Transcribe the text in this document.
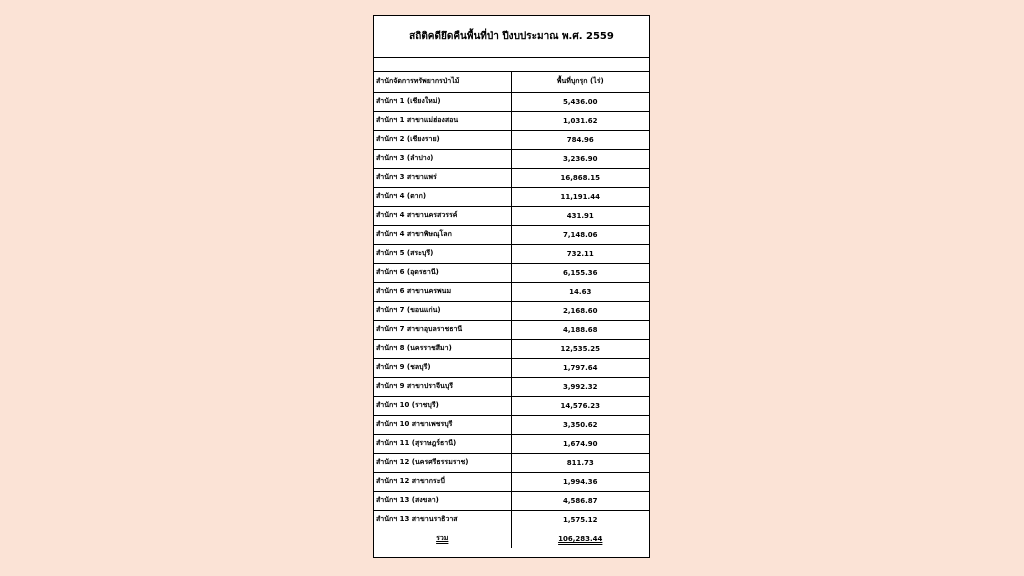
สถิติคดียึดคืนพื้นที่ป่า ปีงบประมาณ พ.ศ. 2559
สำนักจัดการทรัพยากรป่าไม้	พื้นที่บุกรุก (ไร่)
สำนักฯ 1 (เชียงใหม่)	5,436.00
สำนักฯ 1 สาขาแม่ฮ่องสอน	1,031.62
สำนักฯ 2 (เชียงราย)	784.96
สำนักฯ 3 (ลำปาง)	3,236.90
สำนักฯ 3 สาขาแพร่	16,868.15
สำนักฯ 4 (ตาก)	11,191.44
สำนักฯ 4 สาขานครสวรรค์	431.91
สำนักฯ 4 สาขาพิษณุโลก	7,148.06
สำนักฯ 5 (สระบุรี)	732.11
สำนักฯ 6 (อุดรธานี)	6,155.36
สำนักฯ 6 สาขานครพนม	14.63
สำนักฯ 7 (ขอนแก่น)	2,168.60
สำนักฯ 7 สาขาอุบลราชธานี	4,188.68
สำนักฯ 8 (นครราชสีมา)	12,535.25
สำนักฯ 9 (ชลบุรี)	1,797.64
สำนักฯ 9 สาขาปราจีนบุรี	3,992.32
สำนักฯ 10 (ราชบุรี)	14,576.23
สำนักฯ 10 สาขาเพชรบุรี	3,350.62
สำนักฯ 11 (สุราษฎร์ธานี)	1,674.90
สำนักฯ 12 (นครศรีธรรมราช)	811.73
สำนักฯ 12 สาขากระบี่	1,994.36
สำนักฯ 13 (สงขลา)	4,586.87
สำนักฯ 13 สาขานราธิวาส	1,575.12
รวม	106,283.44
